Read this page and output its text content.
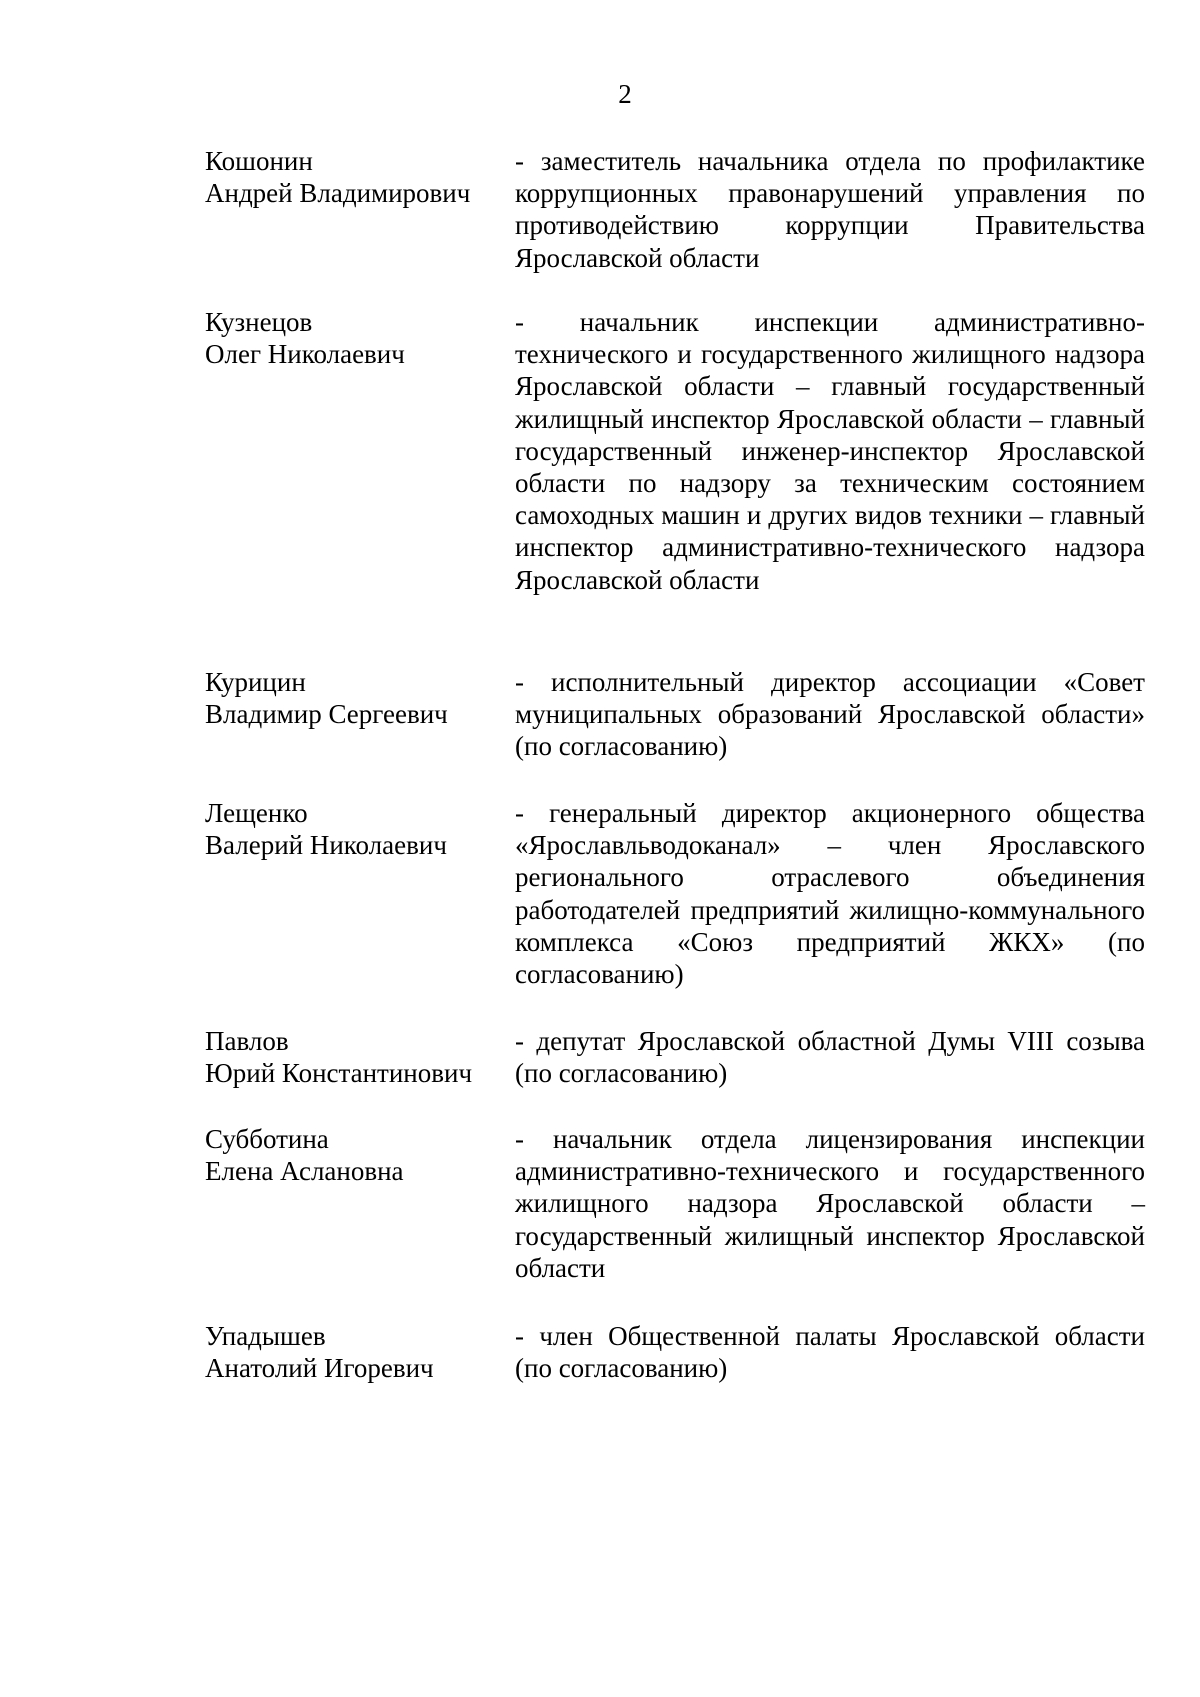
2
Кошонин
Андрей Владимирович
- заместитель начальника отдела по профилактике коррупционных правонарушений управления по противодействию коррупции Правительства Ярославской области
Кузнецов
Олег Николаевич
- начальник инспекции административно-технического и государственного жилищного надзора Ярославской области – главный государственный жилищный инспектор Ярославской области – главный государственный инженер-инспектор Ярославской области по надзору за техническим состоянием самоходных машин и других видов техники – главный инспектор административно-технического надзора Ярославской области
Курицин
Владимир Сергеевич
- исполнительный директор ассоциации «Совет муниципальных образований Ярославской области» (по согласованию)
Лещенко
Валерий Николаевич
- генеральный директор акционерного общества «Ярославльводоканал» – член Ярославского регионального отраслевого объединения работодателей предприятий жилищно-коммунального комплекса «Союз предприятий ЖКХ» (по согласованию)
Павлов
Юрий Константинович
- депутат Ярославской областной Думы VIII созыва (по согласованию)
Субботина
Елена Аслановна
- начальник отдела лицензирования инспекции административно-технического и государственного жилищного надзора Ярославской области – государственный жилищный инспектор Ярославской области
Упадышев
Анатолий Игоревич
- член Общественной палаты Ярославской области (по согласованию)
